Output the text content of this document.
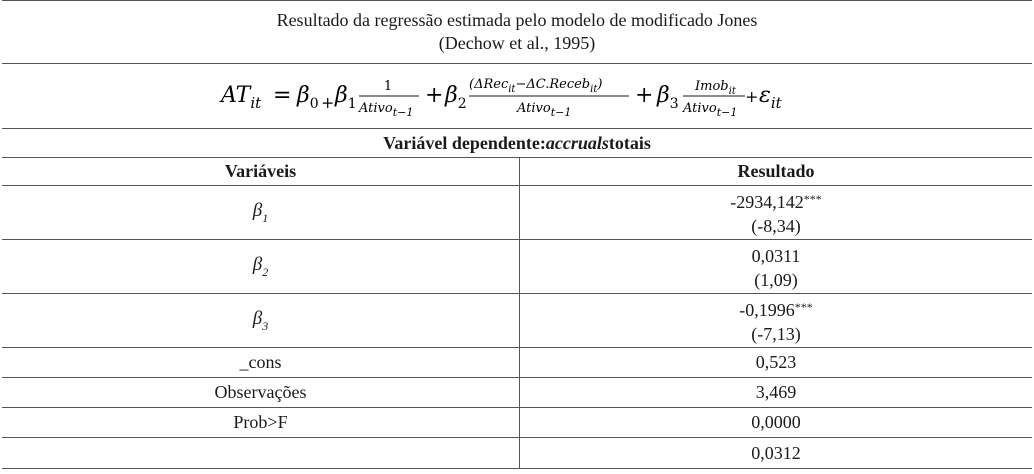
Resultado da regressão estimada pelo modelo de modificado Jones
(Dechow et al., 1995)
$AT_{it} = \beta_0 + \beta_1$
1
Ativo$_{t-1}$
+ $\beta_2$
(ΔRec$_{it}$−ΔC.Receb$_{it}$)
Ativo$_{t-1}$
+ $\beta_3$
Imob$_{it}$
Ativo$_{t-1}$
+ $\varepsilon_{it}$
Variável dependente: accruals totais
Variáveis	Resultado
$\beta_1$	-2934,142***
(-8,34)

$\beta_2$	0,0311
(1,09)

$\beta_3$	-0,1996***
(-7,13)

_cons	0,523
Observações	3,469
Prob>F	0,0000
	0,0312
